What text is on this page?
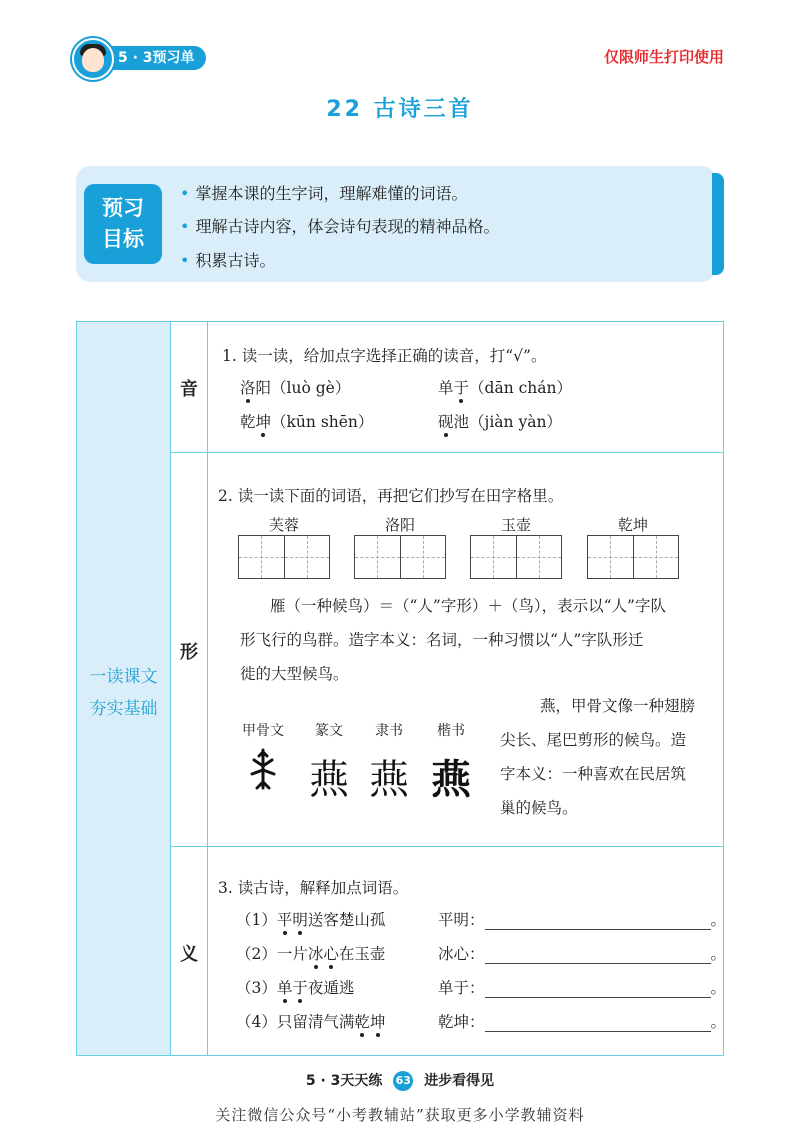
5 · 3预习单	仅限师生打印使用
22 古诗三首
预习
目标
• 掌握本课的生字词，理解难懂的词语。
• 理解古诗内容，体会诗句表现的精神品格。
• 积累古诗。
一读课文
夯实基础
音
1. 读一读，给加点字选择正确的读音，打“√”。
洛阳（luò gè）	单于（dān chán）
乾坤（kūn shēn）	砚池（jiàn yàn）
形
2. 读一读下面的词语，再把它们抄写在田字格里。
芙蓉	洛阳	玉壶	乾坤
雁（一种候鸟）＝（“人”字形）＋（鸟），表示以“人”字队
形飞行的鸟群。造字本义：名词，一种习惯以“人”字队形迁
徙的大型候鸟。
甲骨文	篆文	隶书	楷书
燕 燕 燕
燕，甲骨文像一种翅膀
尖长、尾巴剪形的候鸟。造
字本义：一种喜欢在民居筑
巢的候鸟。
义
3. 读古诗，解释加点词语。
（1）平明送客楚山孤	平明：	。
（2）一片冰心在玉壶	冰心：	。
（3）单于夜遁逃	单于：	。
（4）只留清气满乾坤	乾坤：	。
5 · 3天天练 63 进步看得见
关注微信公众号“小考教辅站”获取更多小学教辅资料
